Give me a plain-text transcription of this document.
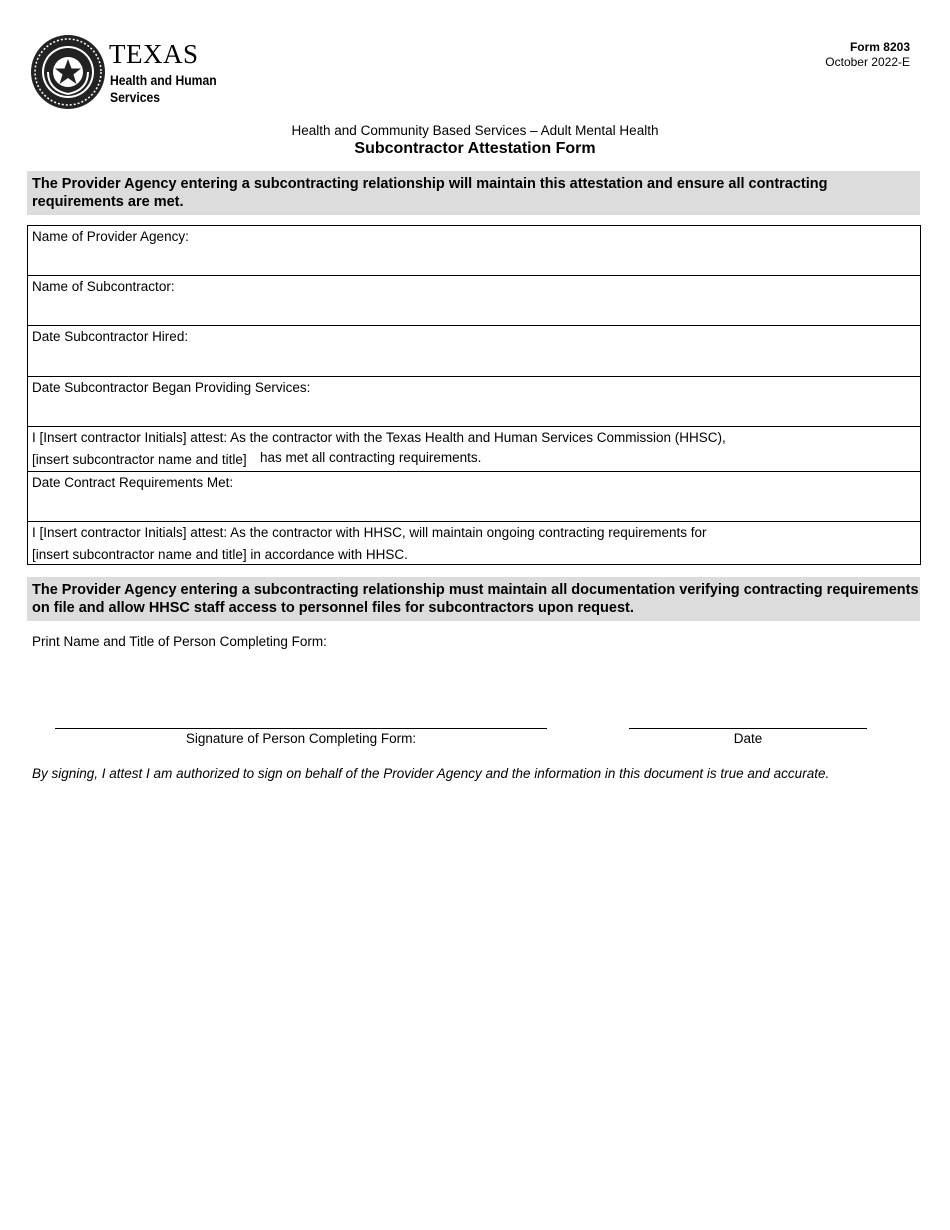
TEXAS
Health and Human
Services
Form 8203
October 2022-E
Health and Community Based Services – Adult Mental Health
Subcontractor Attestation Form
The Provider Agency entering a subcontracting relationship will maintain this attestation and ensure all contracting requirements are met.
Name of Provider Agency:
Name of Subcontractor:
Date Subcontractor Hired:
Date Subcontractor Began Providing Services:
I [Insert contractor Initials] attest: As the contractor with the Texas Health and Human Services Commission (HHSC),
[insert subcontractor name and title] has met all contracting requirements.
Date Contract Requirements Met:
I [Insert contractor Initials] attest: As the contractor with HHSC, will maintain ongoing contracting requirements for
[insert subcontractor name and title] in accordance with HHSC.
The Provider Agency entering a subcontracting relationship must maintain all documentation verifying contracting requirements on file and allow HHSC staff access to personnel files for subcontractors upon request.
Print Name and Title of Person Completing Form:
Signature of Person Completing Form:	Date
By signing, I attest I am authorized to sign on behalf of the Provider Agency and the information in this document is true and accurate.
